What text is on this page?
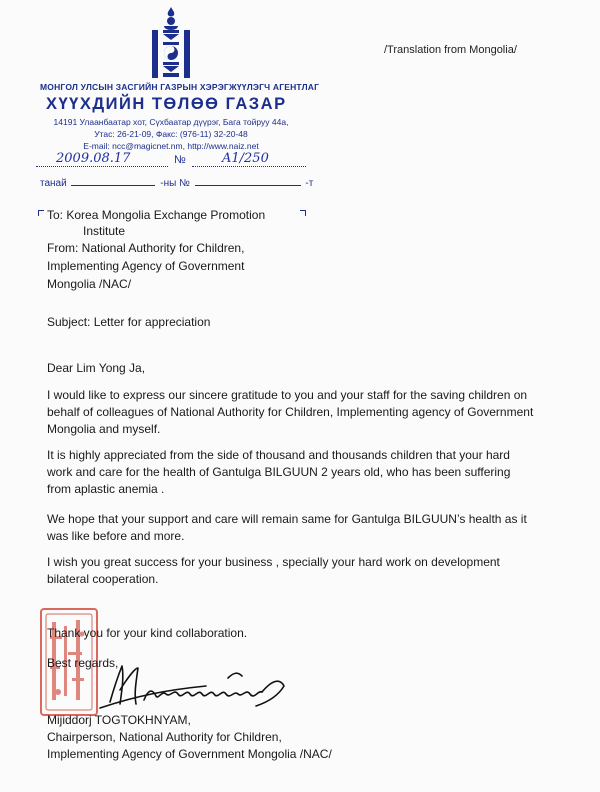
МОНГОЛ УЛСЫН ЗАСГИЙН ГАЗРЫН ХЭРЭГЖҮҮЛЭГЧ АГЕНТЛАГ
ХҮҮХДИЙН ТӨЛӨӨ ГАЗАР
14191 Улаанбаатар хот, Сүхбаатар дүүрэг, Бага тойруу 44а,
Утас: 26-21-09, Факс: (976-11) 32-20-48
E-mail: ncc@magicnet.nm, http://www.naiz.net
/Translation from Mongolia/
2009.08.17	№	A1/250
танай	-ны №	-т
To: Korea Mongolia Exchange Promotion
Institute
From: National Authority for Children,
Implementing Agency of Government
Mongolia /NAC/
Subject: Letter for appreciation
Dear Lim Yong Ja,
I would like to express our sincere gratitude to you and your staff for the saving children on
behalf of colleagues of National Authority for Children, Implementing agency of Government
Mongolia and myself.
It is highly appreciated from the side of thousand and thousands children that your hard
work and care for the health of Gantulga BILGUUN 2 years old, who has been suffering
from aplastic anemia .
We hope that your support and care will remain same for Gantulga BILGUUN’s health as it
was like before and more.
I wish you great success for your business , specially your hard work on development
bilateral cooperation.
Thank you for your kind collaboration.
Best regards,
Mijiddorj TOGTOKHNYAM,
Chairperson, National Authority for Children,
Implementing Agency of Government Mongolia /NAC/
